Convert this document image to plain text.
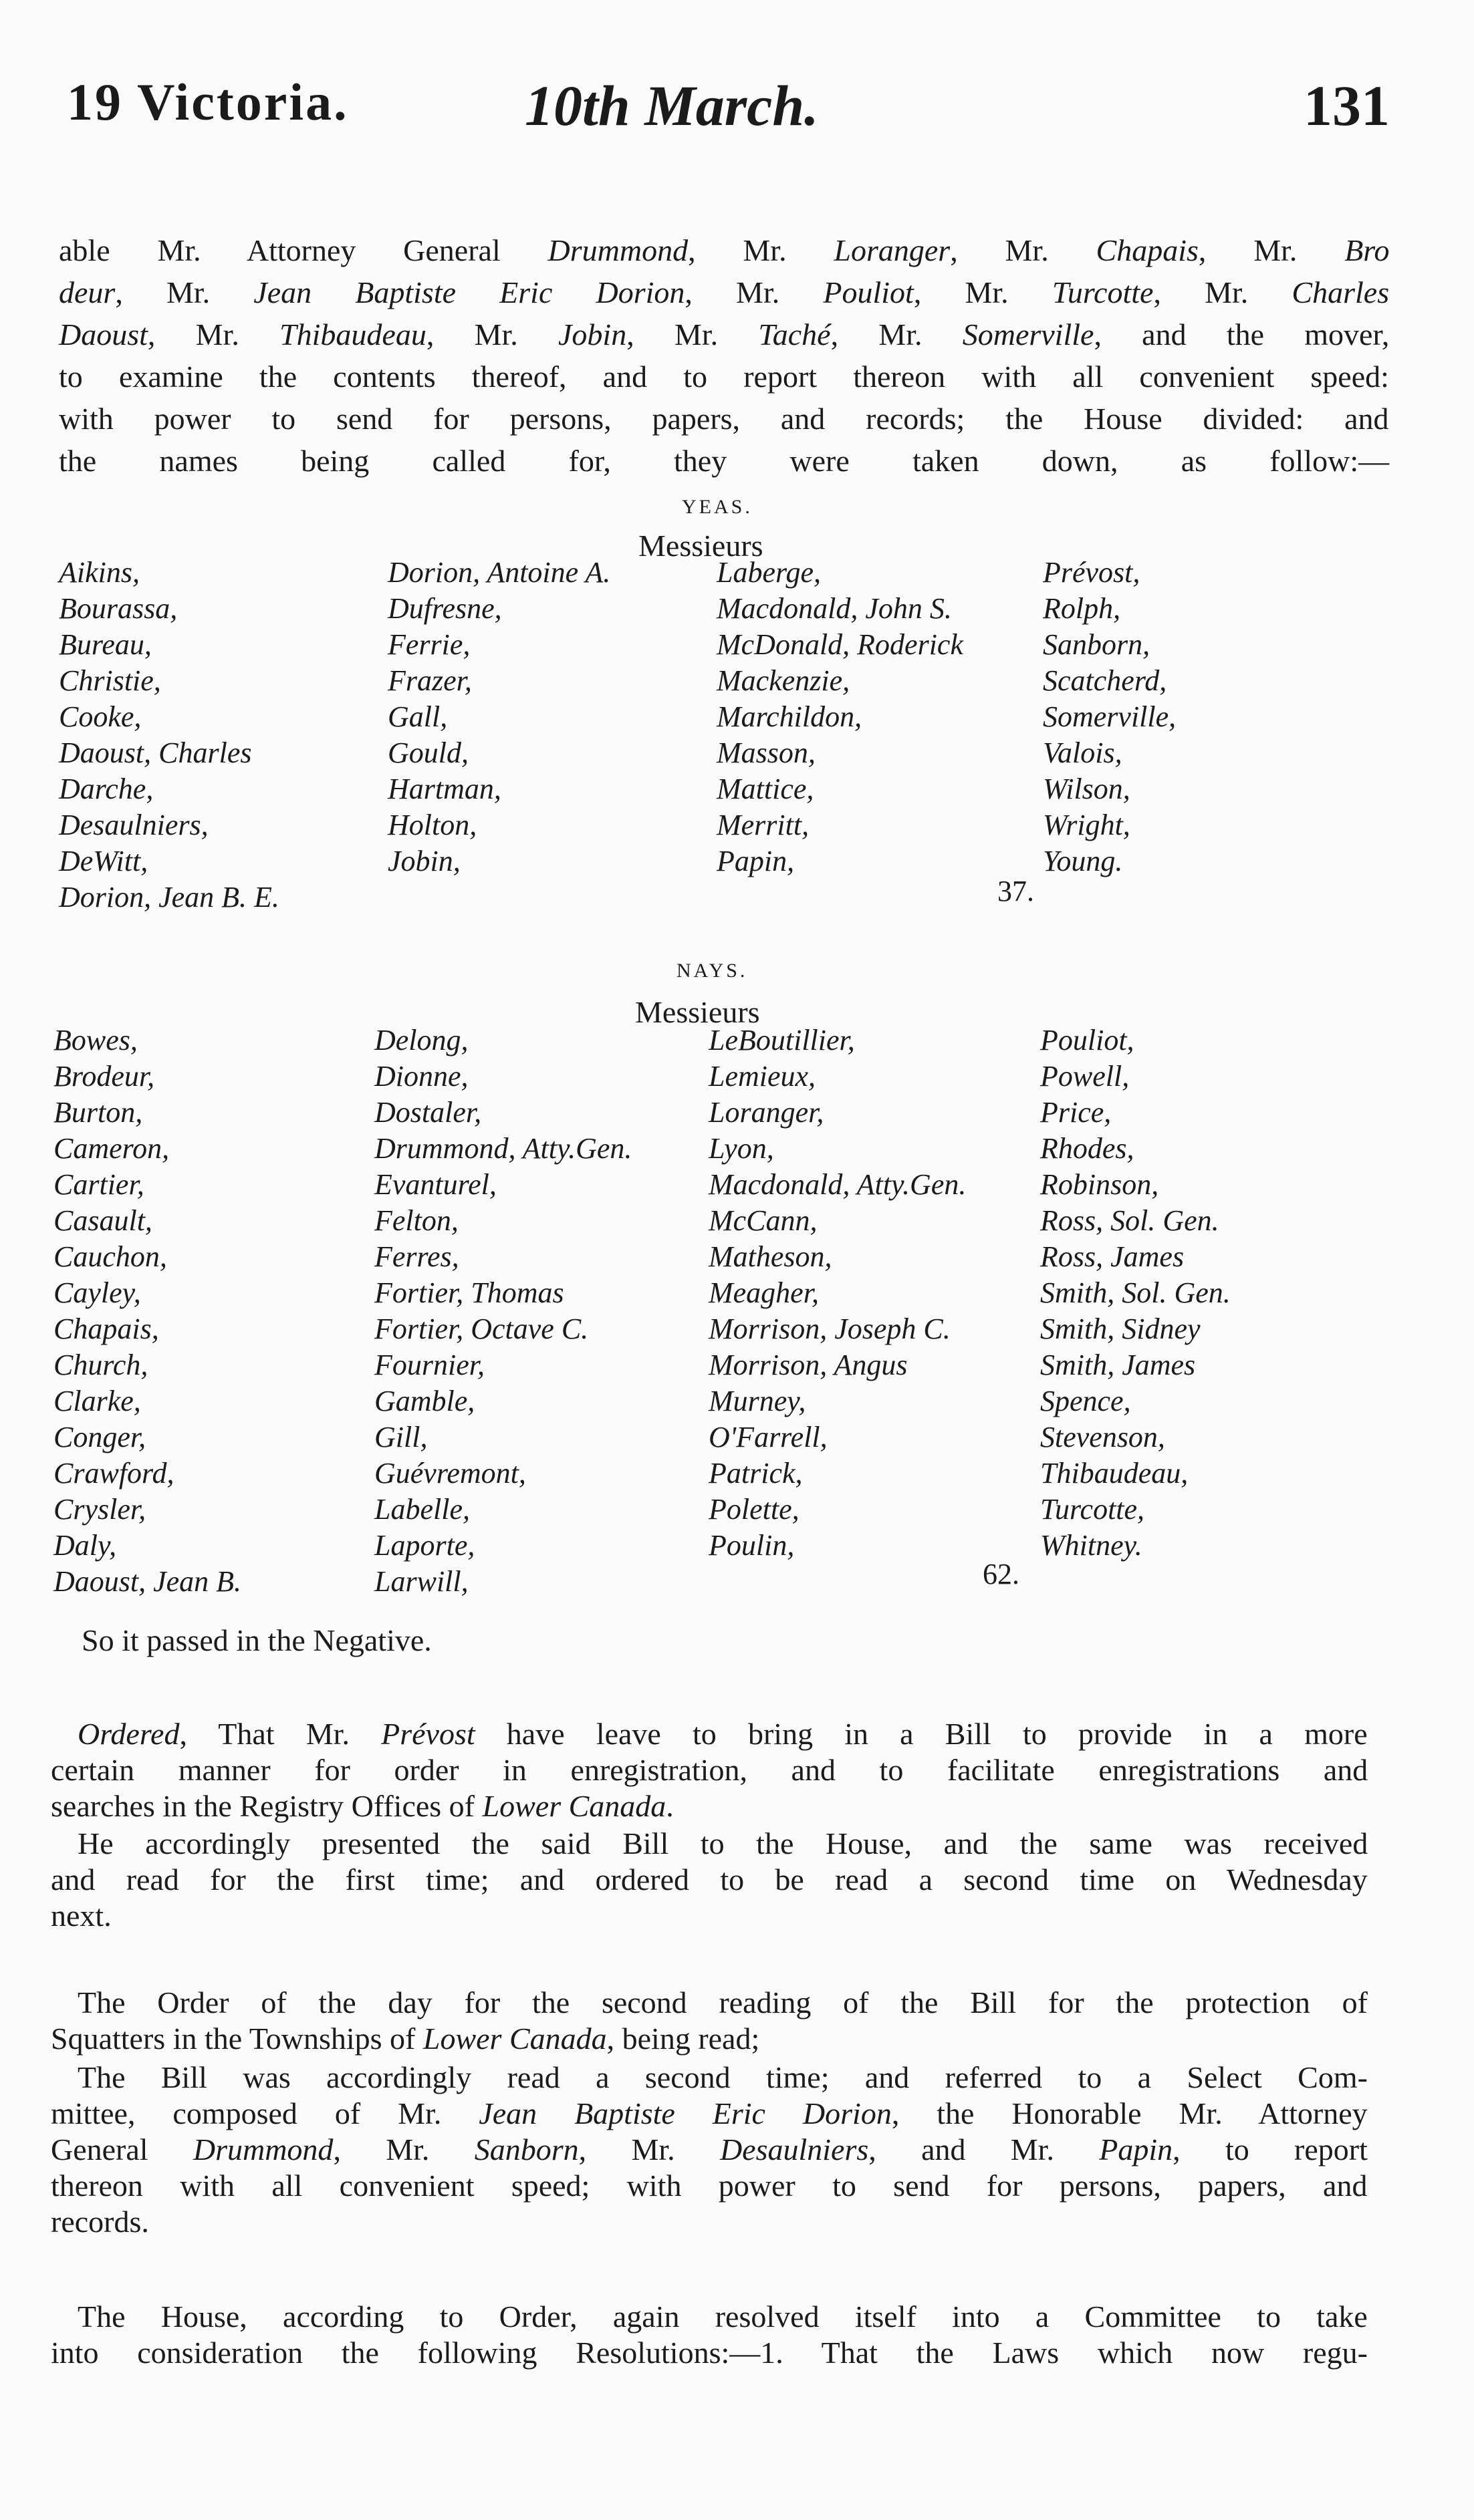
19 Victoria.	10th March.	131
able Mr. Attorney General Drummond, Mr. Loranger, Mr. Chapais, Mr. Bro
deur, Mr. Jean Baptiste Eric Dorion, Mr. Pouliot, Mr. Turcotte, Mr. Charles
Daoust, Mr. Thibaudeau, Mr. Jobin, Mr. Taché, Mr. Somerville, and the mover,
to examine the contents thereof, and to report thereon with all convenient speed:
with power to send for persons, papers, and records; the House divided: and
the names being called for, they were taken down, as follow:—
YEAS.
Messieurs
Aikins,
Bourassa,
Bureau,
Christie,
Cooke,
Daoust, Charles
Darche,
Desaulniers,
DeWitt,
Dorion, Jean B. E.
Dorion, Antoine A.
Dufresne,
Ferrie,
Frazer,
Gall,
Gould,
Hartman,
Holton,
Jobin,
Laberge,
Macdonald, John S.
McDonald, Roderick
Mackenzie,
Marchildon,
Masson,
Mattice,
Merritt,
Papin,
Prévost,
Rolph,
Sanborn,
Scatcherd,
Somerville,
Valois,
Wilson,
Wright,
Young.
37.
NAYS.
Messieurs
Bowes,
Brodeur,
Burton,
Cameron,
Cartier,
Casault,
Cauchon,
Cayley,
Chapais,
Church,
Clarke,
Conger,
Crawford,
Crysler,
Daly,
Daoust, Jean B.
Delong,
Dionne,
Dostaler,
Drummond, Atty.Gen.
Evanturel,
Felton,
Ferres,
Fortier, Thomas
Fortier, Octave C.
Fournier,
Gamble,
Gill,
Guévremont,
Labelle,
Laporte,
Larwill,
LeBoutillier,
Lemieux,
Loranger,
Lyon,
Macdonald, Atty.Gen.
McCann,
Matheson,
Meagher,
Morrison, Joseph C.
Morrison, Angus
Murney,
O'Farrell,
Patrick,
Polette,
Poulin,
Pouliot,
Powell,
Price,
Rhodes,
Robinson,
Ross, Sol. Gen.
Ross, James
Smith, Sol. Gen.
Smith, Sidney
Smith, James
Spence,
Stevenson,
Thibaudeau,
Turcotte,
Whitney.
62.
So it passed in the Negative.
Ordered, That Mr. Prévost have leave to bring in a Bill to provide in a more
certain manner for order in enregistration, and to facilitate enregistrations and
searches in the Registry Offices of Lower Canada.
He accordingly presented the said Bill to the House, and the same was received
and read for the first time; and ordered to be read a second time on Wednesday
next.
The Order of the day for the second reading of the Bill for the protection of
Squatters in the Townships of Lower Canada, being read;
The Bill was accordingly read a second time; and referred to a Select Com-
mittee, composed of Mr. Jean Baptiste Eric Dorion, the Honorable Mr. Attorney
General Drummond, Mr. Sanborn, Mr. Desaulniers, and Mr. Papin, to report
thereon with all convenient speed; with power to send for persons, papers, and
records.
The House, according to Order, again resolved itself into a Committee to take
into consideration the following Resolutions:—1. That the Laws which now regu-
